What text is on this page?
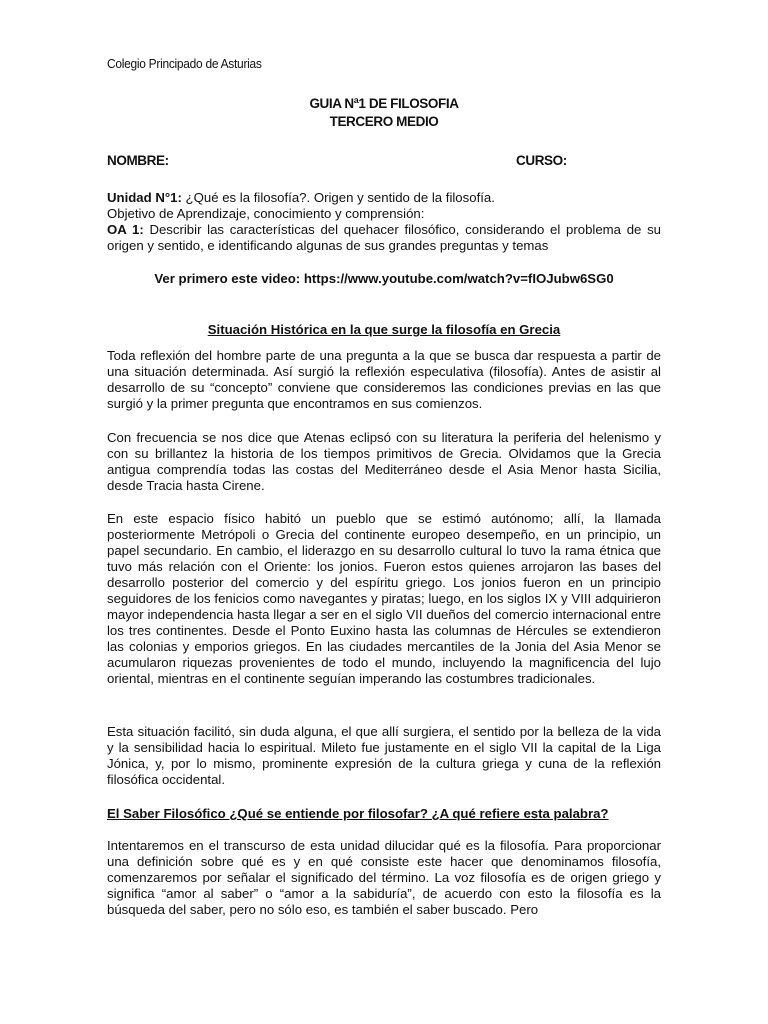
Colegio Principado de Asturias
GUIA Nª1 DE FILOSOFIA
TERCERO MEDIO
NOMBRE:	CURSO:
Unidad N°1: ¿Qué es la filosofía?. Origen y sentido de la filosofía.
Objetivo de Aprendizaje, conocimiento y comprensión:
OA 1: Describir las características del quehacer filosófico, considerando el problema de su origen y sentido, e identificando algunas de sus grandes preguntas y temas
Ver primero este video: https://www.youtube.com/watch?v=fIOJubw6SG0
Situación Histórica en la que surge la filosofía en Grecia

Toda reflexión del hombre parte de una pregunta a la que se busca dar respuesta a partir de una situación determinada. Así surgió la reflexión especulativa (filosofía). Antes de asistir al desarrollo de su “concepto” conviene que consideremos las condiciones previas en las que surgió y la primer pregunta que encontramos en sus comienzos.

Con frecuencia se nos dice que Atenas eclipsó con su literatura la periferia del helenismo y con su brillantez la historia de los tiempos primitivos de Grecia. Olvidamos que la Grecia antigua comprendía todas las costas del Mediterráneo desde el Asia Menor hasta Sicilia, desde Tracia hasta Cirene.

En este espacio físico habitó un pueblo que se estimó autónomo; allí, la llamada posteriormente Metrópoli o Grecia del continente europeo desempeño, en un principio, un papel secundario. En cambio, el liderazgo en su desarrollo cultural lo tuvo la rama étnica que tuvo más relación con el Oriente: los jonios. Fueron estos quienes arrojaron las bases del desarrollo posterior del comercio y del espíritu griego. Los jonios fueron en un principio seguidores de los fenicios como navegantes y piratas; luego, en los siglos IX y VIII adquirieron mayor independencia hasta llegar a ser en el siglo VII dueños del comercio internacional entre los tres continentes. Desde el Ponto Euxino hasta las columnas de Hércules se extendieron las colonias y emporios griegos. En las ciudades mercantiles de la Jonia del Asia Menor se acumularon riquezas provenientes de todo el mundo, incluyendo la magnificencia del lujo oriental, mientras en el continente seguían imperando las costumbres tradicionales.

Esta situación facilitó, sin duda alguna, el que allí surgiera, el sentido por la belleza de la vida y la sensibilidad hacia lo espiritual. Mileto fue justamente en el siglo VII la capital de la Liga Jónica, y, por lo mismo, prominente expresión de la cultura griega y cuna de la reflexión filosófica occidental.

El Saber Filosófico ¿Qué se entiende por filosofar? ¿A qué refiere esta palabra?

Intentaremos en el transcurso de esta unidad dilucidar qué es la filosofía. Para proporcionar una definición sobre qué es y en qué consiste este hacer que denominamos filosofía, comenzaremos por señalar el significado del término. La voz filosofía es de origen griego y significa “amor al saber” o “amor a la sabiduría”, de acuerdo con esto la filosofía es la búsqueda del saber, pero no sólo eso, es también el saber buscado. Pero
